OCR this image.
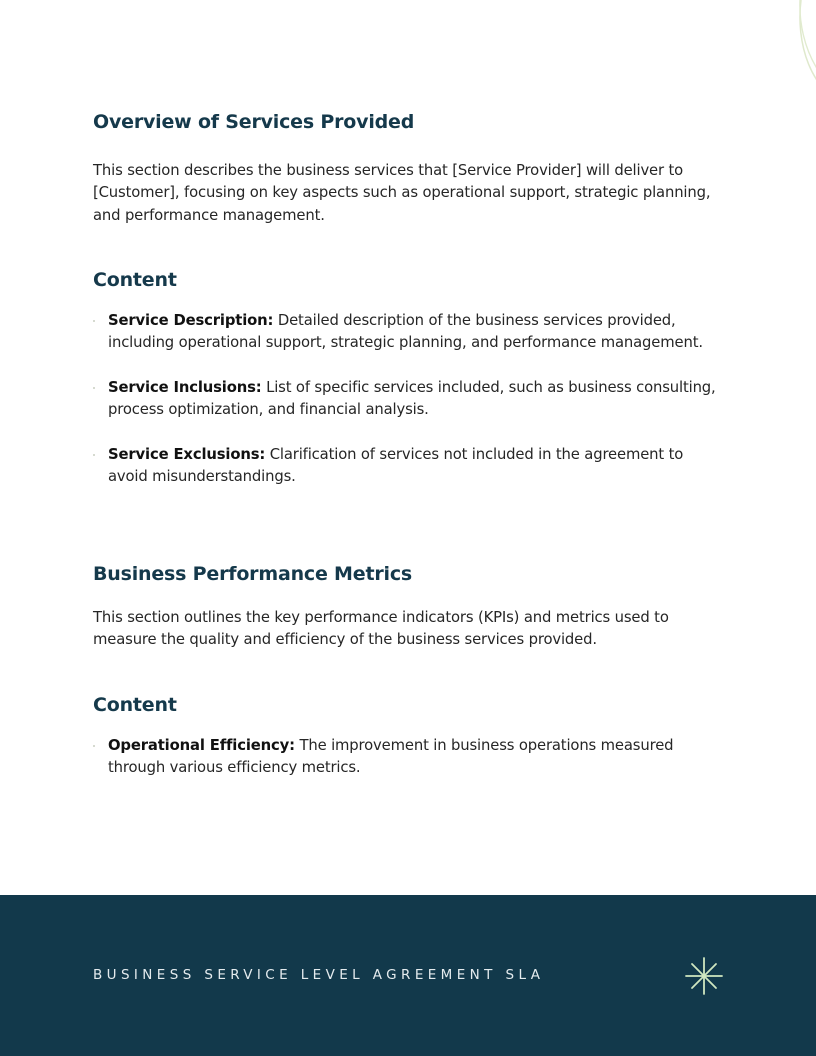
Overview of Services Provided

This section describes the business services that [Service Provider] will deliver to [Customer], focusing on key aspects such as operational support, strategic planning, and performance management.

Content
Service Description: Detailed description of the business services provided, including operational support, strategic planning, and performance management.
Service Inclusions: List of specific services included, such as business consulting, process optimization, and financial analysis.
Service Exclusions: Clarification of services not included in the agreement to avoid misunderstandings.
Business Performance Metrics

This section outlines the key performance indicators (KPIs) and metrics used to measure the quality and efficiency of the business services provided.

Content
Operational Efficiency: The improvement in business operations measured through various efficiency metrics.
BUSINESS SERVICE LEVEL AGREEMENT SLA
